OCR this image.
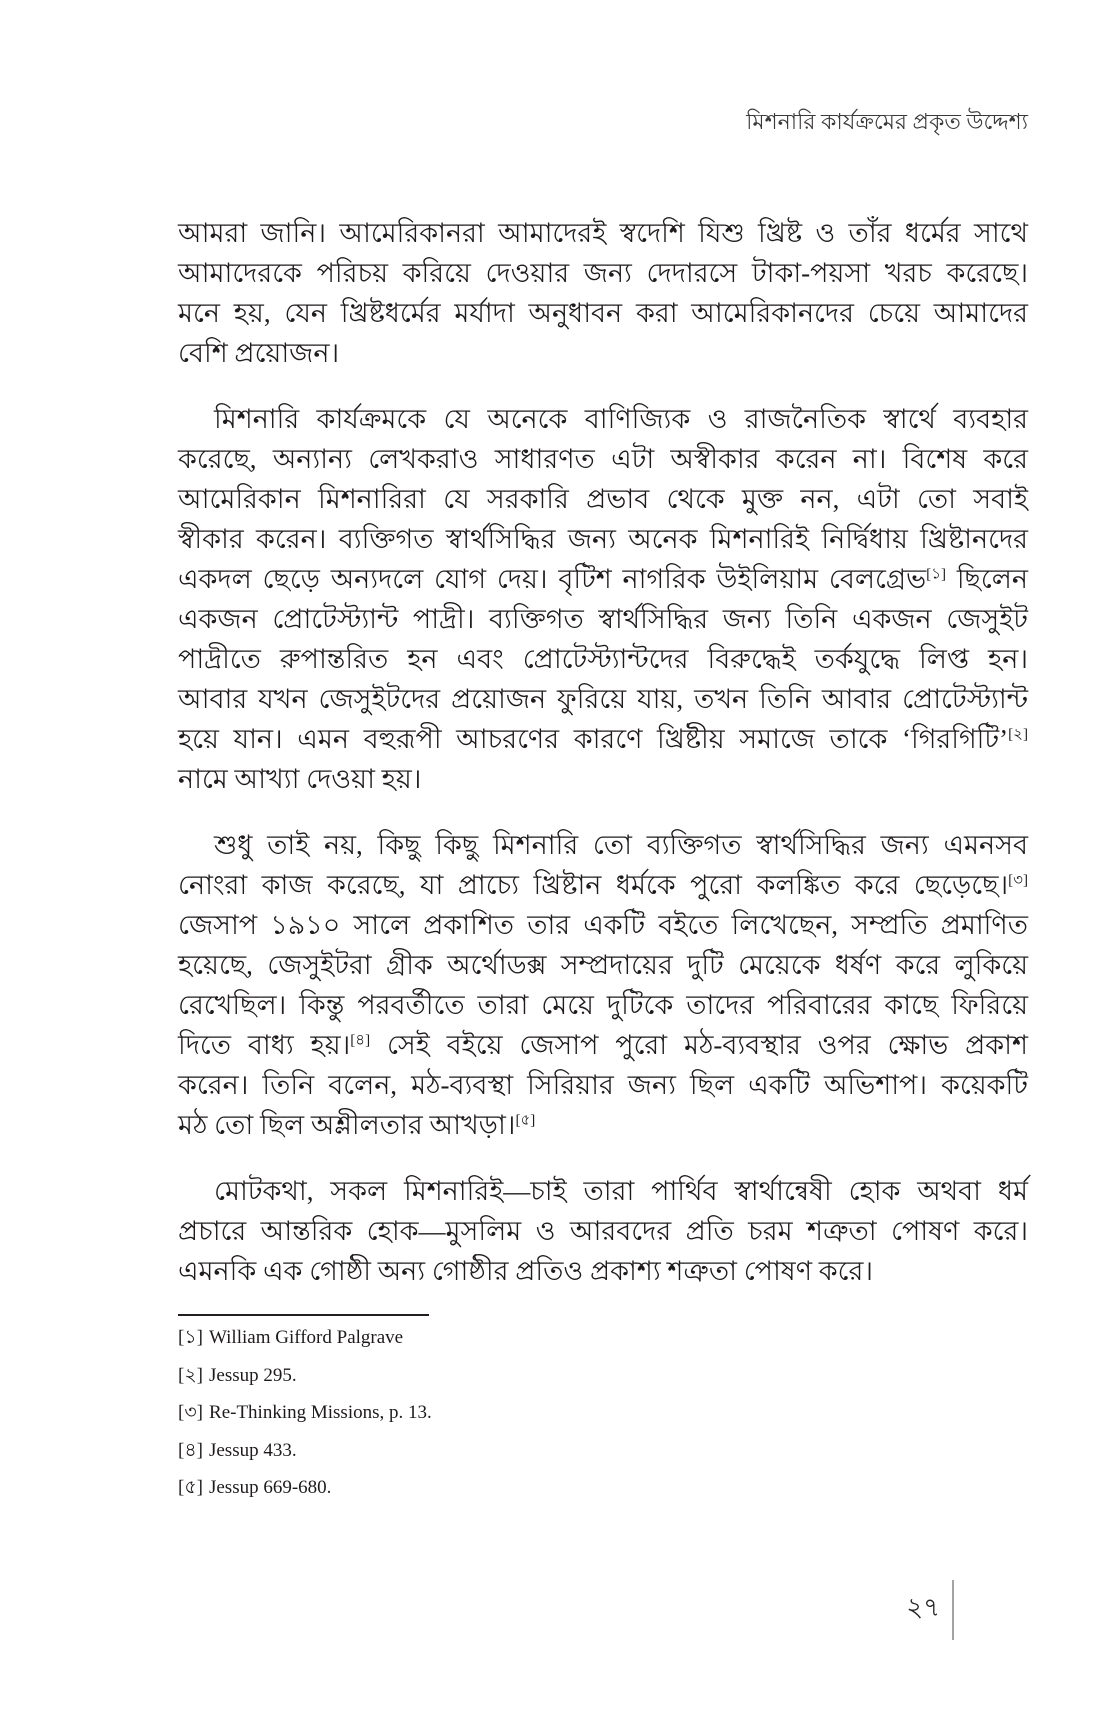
মিশনারি কার্যক্রমের প্রকৃত উদ্দেশ্য
আমরা জানি। আমেরিকানরা আমাদেরই স্বদেশি যিশু খ্রিষ্ট ও তাঁর ধর্মের সাথে
আমাদেরকে পরিচয় করিয়ে দেওয়ার জন্য দেদারসে টাকা-পয়সা খরচ করেছে।
মনে হয়, যেন খ্রিষ্টধর্মের মর্যাদা অনুধাবন করা আমেরিকানদের চেয়ে আমাদের
বেশি প্রয়োজন।
মিশনারি কার্যক্রমকে যে অনেকে বাণিজ্যিক ও রাজনৈতিক স্বার্থে ব্যবহার
করেছে, অন্যান্য লেখকরাও সাধারণত এটা অস্বীকার করেন না। বিশেষ করে
আমেরিকান মিশনারিরা যে সরকারি প্রভাব থেকে মুক্ত নন, এটা তো সবাই
স্বীকার করেন। ব্যক্তিগত স্বার্থসিদ্ধির জন্য অনেক মিশনারিই নির্দ্বিধায় খ্রিষ্টানদের
একদল ছেড়ে অন্যদলে যোগ দেয়। বৃটিশ নাগরিক উইলিয়াম বেলগ্রেভ[১] ছিলেন
একজন প্রোটেস্ট্যান্ট পাদ্রী। ব্যক্তিগত স্বার্থসিদ্ধির জন্য তিনি একজন জেসুইট
পাদ্রীতে রুপান্তরিত হন এবং প্রোটেস্ট্যান্টদের বিরুদ্ধেই তর্কযুদ্ধে লিপ্ত হন।
আবার যখন জেসুইটদের প্রয়োজন ফুরিয়ে যায়, তখন তিনি আবার প্রোটেস্ট্যান্ট
হয়ে যান। এমন বহুরূপী আচরণের কারণে খ্রিষ্টীয় সমাজে তাকে ‘গিরগিটি’[২]
নামে আখ্যা দেওয়া হয়।
শুধু তাই নয়, কিছু কিছু মিশনারি তো ব্যক্তিগত স্বার্থসিদ্ধির জন্য এমনসব
নোংরা কাজ করেছে, যা প্রাচ্যে খ্রিষ্টান ধর্মকে পুরো কলঙ্কিত করে ছেড়েছে।[৩]
জেসাপ ১৯১০ সালে প্রকাশিত তার একটি বইতে লিখেছেন, সম্প্রতি প্রমাণিত
হয়েছে, জেসুইটরা গ্রীক অর্থোডক্স সম্প্রদায়ের দুটি মেয়েকে ধর্ষণ করে লুকিয়ে
রেখেছিল। কিন্তু পরবর্তীতে তারা মেয়ে দুটিকে তাদের পরিবারের কাছে ফিরিয়ে
দিতে বাধ্য হয়।[৪] সেই বইয়ে জেসাপ পুরো মঠ-ব্যবস্থার ওপর ক্ষোভ প্রকাশ
করেন। তিনি বলেন, মঠ-ব্যবস্থা সিরিয়ার জন্য ছিল একটি অভিশাপ। কয়েকটি
মঠ তো ছিল অশ্লীলতার আখড়া।[৫]
মোটকথা, সকল মিশনারিই—চাই তারা পার্থিব স্বার্থান্বেষী হোক অথবা ধর্ম
প্রচারে আন্তরিক হোক—মুসলিম ও আরবদের প্রতি চরম শত্রুতা পোষণ করে।
এমনকি এক গোষ্ঠী অন্য গোষ্ঠীর প্রতিও প্রকাশ্য শত্রুতা পোষণ করে।
[১] William Gifford Palgrave
[২] Jessup 295.
[৩] Re-Thinking Missions, p. 13.
[৪] Jessup 433.
[৫] Jessup 669-680.
২৭
